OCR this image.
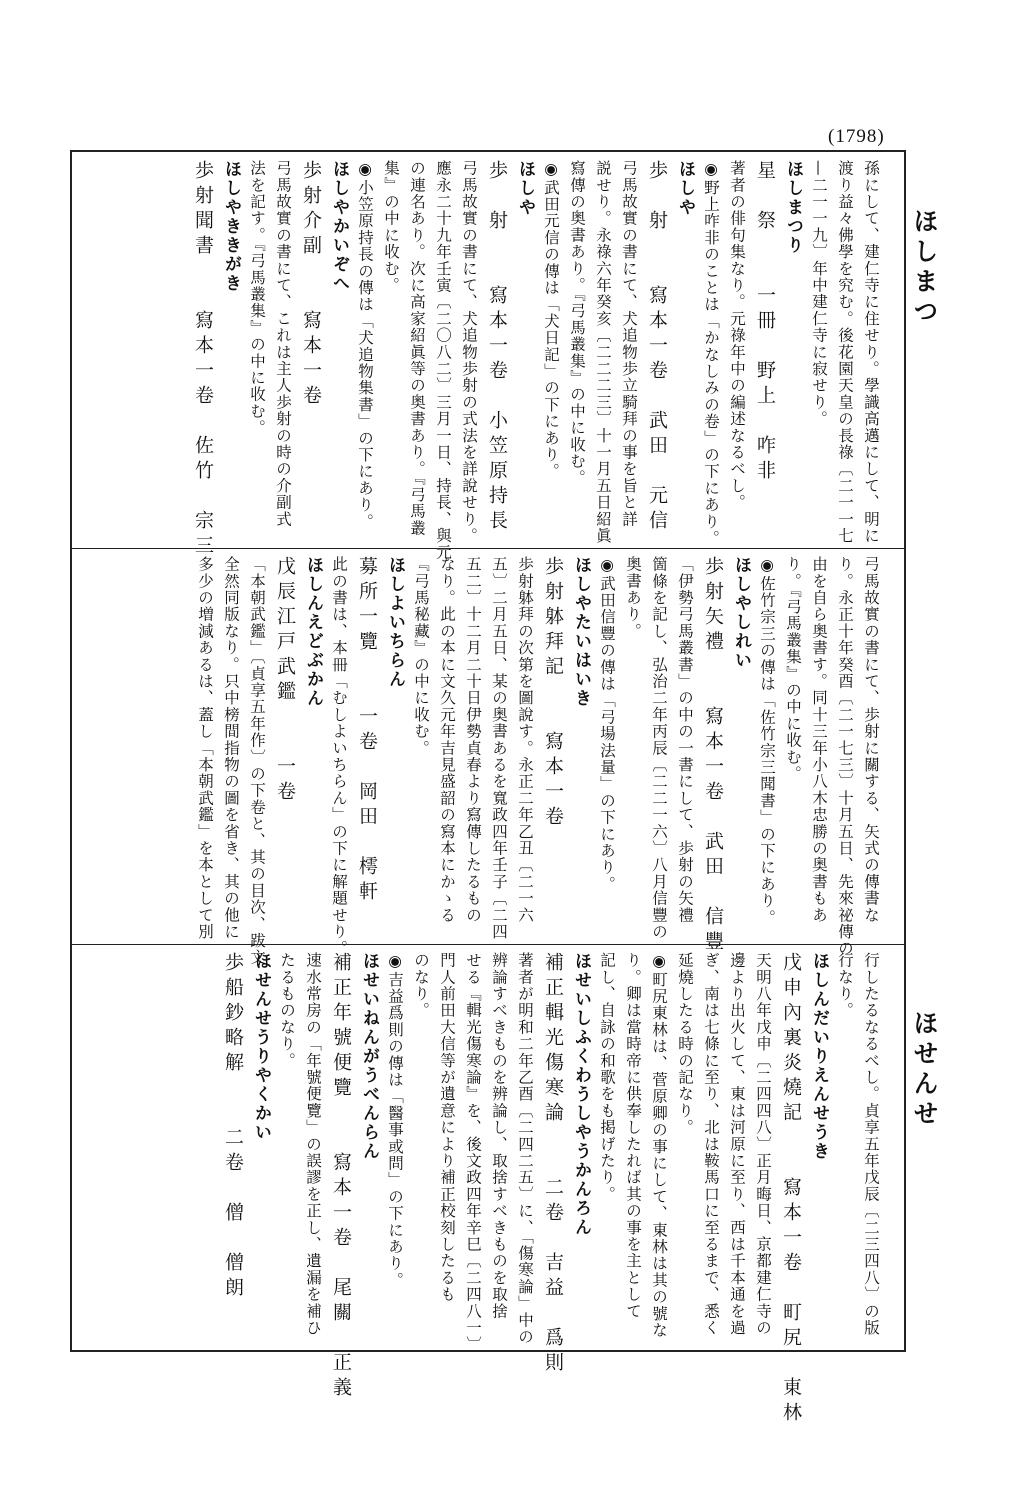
(1798)
ほしまつ
ほせんせ
孫にして、建仁寺に住せり。學識高邁にして、明に
渡り益々佛學を究む。後花園天皇の長祿〔二一一七
—二一一九〕年中建仁寺に寂せり。
ほしまつり
星　祭　　一冊　野上　咋非
著者の俳句集なり。元祿年中の編述なるべし。
◉野上咋非のことは「かなしみの卷」の下にあり。
ほしや
歩　射　　寫本一卷　武田　元信
弓馬故實の書にて、犬追物歩立騎拜の事を旨と詳
説せり。永祿六年癸亥〔二二二三〕十一月五日紹眞
寫傳の奥書あり。『弓馬叢集』の中に收む。
◉武田元信の傳は「犬日記」の下にあり。
ほしや
歩　射　　寫本一卷　小笠原持長
弓馬故實の書にて、犬追物歩射の式法を詳說せり。
應永二十九年壬寅〔二〇八二〕三月一日、持長、與元
の連名あり。次に高家紹眞等の奥書あり。『弓馬叢
集』の中に收む。
◉小笠原持長の傳は「犬追物集書」の下にあり。
ほしやかいぞへ
歩射介副　　寫本一卷
弓馬故實の書にて、これは主人歩射の時の介副式
法を記す。『弓馬叢集』の中に收む。
ほしやききがき
歩射聞書　　寫本一卷　佐竹　宗三
弓馬故實の書にて、歩射に關する、矢式の傳書な
り。永正十年癸酉〔二一七三〕十月五日、先來祕傳の
由を自ら奥書す。同十三年小八木忠勝の奥書もあ
り。『弓馬叢集』の中に收む。
◉佐竹宗三の傳は「佐竹宗三聞書」の下にあり。
ほしやしれい
歩射矢禮　　寫本一卷　武田　信豐
「伊勢弓馬叢書」の中の一書にして、歩射の矢禮
箇條を記し、弘治二年丙辰〔二二一六〕八月信豐の
奥書あり。
◉武田信豐の傳は「弓場法量」の下にあり。
ほしやたいはいき
歩射躰拜記　　寫本一卷
歩射躰拜の次第を圖說す。永正二年乙丑〔二一六
五〕二月五日、某の奥書あるを寬政四年壬子〔二四
五二〕十二月二十日伊勢貞春より寫傳したるもの
なり。此の本に文久元年吉見盛韶の寫本にかゝる
『弓馬秘藏』の中に收む。
ほしよいちらん
募所一覽　　一卷　岡田　樗軒
此の書は、本冊「むしよいちらん」の下に解題せり。
ほしんえどぶかん
戊辰江戸武鑑　　一卷
「本朝武鑑」〔貞享五年作〕の下卷と、其の目次、跋文
全然同版なり。只中榜間指物の圖を省き、其の他に
多少の増減あるは、蓋し「本朝武鑑」を本として別
行したるなるべし。貞享五年戊辰〔二三四八〕の版
行なり。
ほしんだいりえんせうき
戊申內裏炎燒記　　寫本一卷　町尻　東林
天明八年戊申〔二四四八〕正月晦日、京都建仁寺の
邊より出火して、東は河原に至り、西は千本通を過
ぎ、南は七條に至り、北は鞍馬口に至るまで、悉く
延燒したる時の記なり。
◉町尻東林は、菅原卿の事にして、東林は其の號な
り。卿は當時帝に供奉したれば其の事を主として
記し、自詠の和歌をも掲げたり。
ほせいしふくわうしやうかんろん
補正輯光傷寒論　　二卷　吉益　爲則
著者が明和二年乙酉〔二四二五〕に、「傷寒論」中の
辨論すべきものを辨論し、取捨すべきものを取捨
せる『輯光傷寒論』を、後文政四年辛巳〔二四八一〕
門人前田大信等が遺意により補正校刻したるも
のなり。
◉吉益爲則の傳は「醫事或問」の下にあり。
ほせいねんがうべんらん
補正年號便覽　　寫本一卷　尾關　正義
速水常房の「年號便覽」の誤謬を正し、遺漏を補ひ
たるものなり。
ほせんせうりやくかい
歩船鈔略解　　二卷　僧　僧朗
